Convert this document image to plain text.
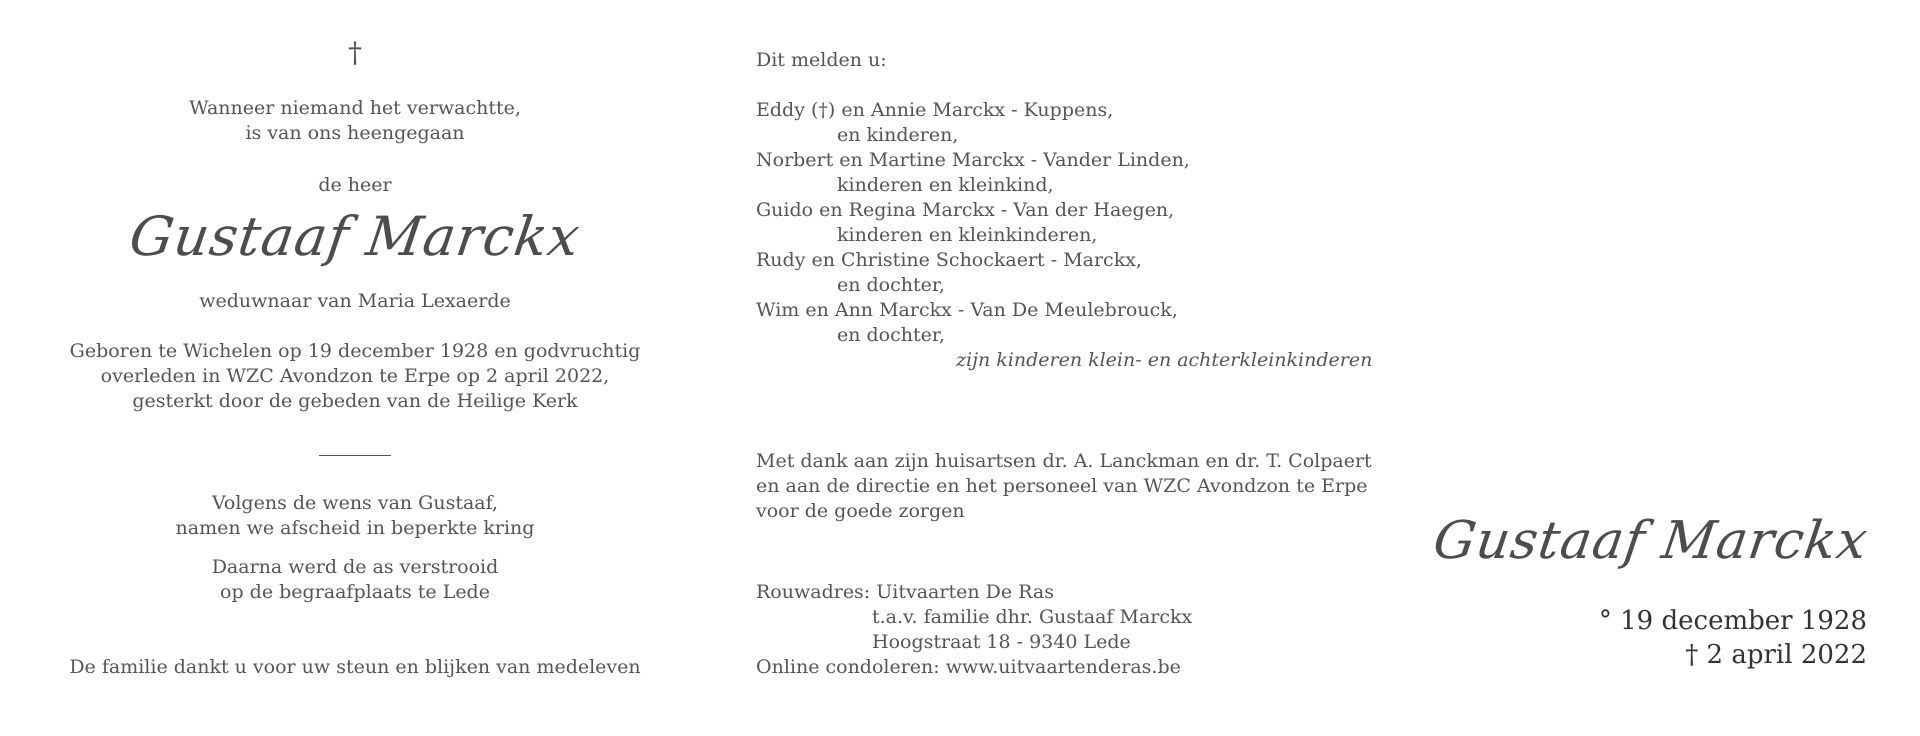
†
Wanneer niemand het verwachtte,
is van ons heengegaan
de heer
Gustaaf Marckx
weduwnaar van Maria Lexaerde
Geboren te Wichelen op 19 december 1928 en godvruchtig
overleden in WZC Avondzon te Erpe op 2 april 2022,
gesterkt door de gebeden van de Heilige Kerk
Volgens de wens van Gustaaf,
namen we afscheid in beperkte kring
Daarna werd de as verstrooid
op de begraafplaats te Lede
De familie dankt u voor uw steun en blijken van medeleven
Dit melden u:
Eddy (†) en Annie Marckx - Kuppens,
en kinderen,
Norbert en Martine Marckx - Vander Linden,
kinderen en kleinkind,
Guido en Regina Marckx - Van der Haegen,
kinderen en kleinkinderen,
Rudy en Christine Schockaert - Marckx,
en dochter,
Wim en Ann Marckx - Van De Meulebrouck,
en dochter,
zijn kinderen klein- en achterkleinkinderen
Met dank aan zijn huisartsen dr. A. Lanckman en dr. T. Colpaert
en aan de directie en het personeel van WZC Avondzon te Erpe
voor de goede zorgen
Rouwadres: Uitvaarten De Ras
t.a.v. familie dhr. Gustaaf Marckx
Hoogstraat 18 - 9340 Lede
Online condoleren: www.uitvaartenderas.be
Gustaaf Marckx
° 19 december 1928
† 2 april 2022
